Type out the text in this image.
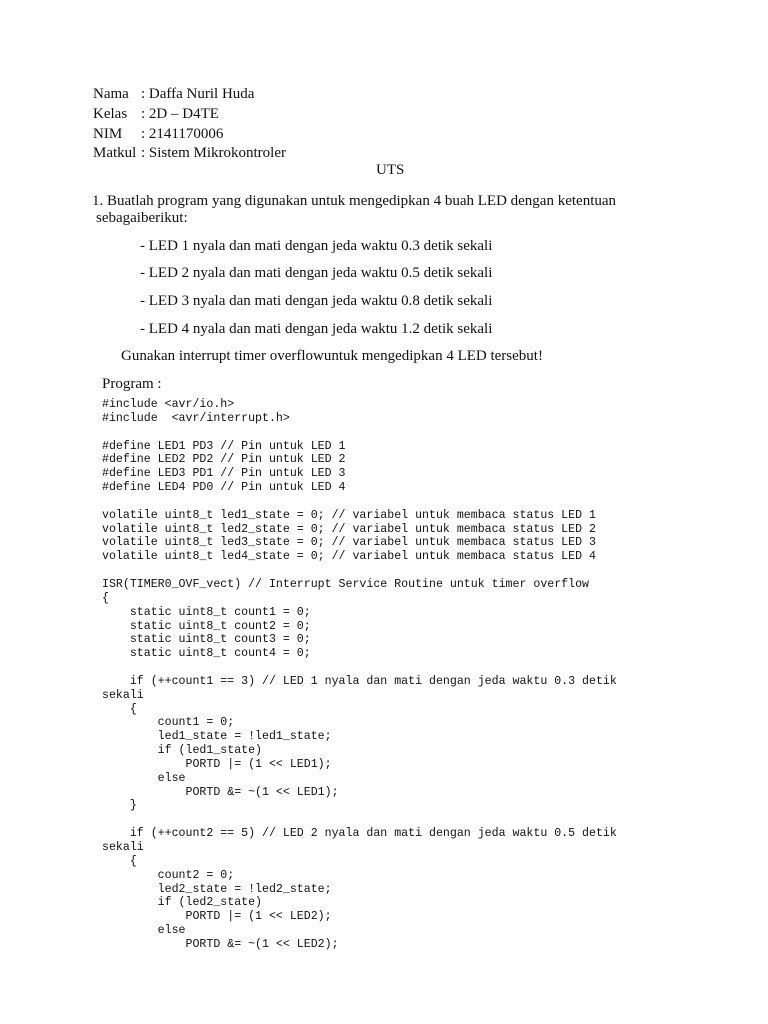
Nama : Daffa Nuril Huda
Kelas : 2D – D4TE
NIM : 2141170006
Matkul : Sistem Mikrokontroler
UTS
1. Buatlah program yang digunakan untuk mengedipkan 4 buah LED dengan ketentuan
sebagaiberikut:
- LED 1 nyala dan mati dengan jeda waktu 0.3 detik sekali
- LED 2 nyala dan mati dengan jeda waktu 0.5 detik sekali
- LED 3 nyala dan mati dengan jeda waktu 0.8 detik sekali
- LED 4 nyala dan mati dengan jeda waktu 1.2 detik sekali
Gunakan interrupt timer overflowuntuk mengedipkan 4 LED tersebut!
Program :
#include <avr/io.h>
#include  <avr/interrupt.h>
#define LED1 PD3 // Pin untuk LED 1
#define LED2 PD2 // Pin untuk LED 2
#define LED3 PD1 // Pin untuk LED 3
#define LED4 PD0 // Pin untuk LED 4
volatile uint8_t led1_state = 0; // variabel untuk membaca status LED 1
volatile uint8_t led2_state = 0; // variabel untuk membaca status LED 2
volatile uint8_t led3_state = 0; // variabel untuk membaca status LED 3
volatile uint8_t led4_state = 0; // variabel untuk membaca status LED 4
ISR(TIMER0_OVF_vect) // Interrupt Service Routine untuk timer overflow
{
static uint8_t count1 = 0;
static uint8_t count2 = 0;
static uint8_t count3 = 0;
static uint8_t count4 = 0;
if (++count1 == 3) // LED 1 nyala dan mati dengan jeda waktu 0.3 detik
sekali
{
count1 = 0;
led1_state = !led1_state;
if (led1_state)
PORTD |= (1 << LED1);
else
PORTD &= ~(1 << LED1);
}
if (++count2 == 5) // LED 2 nyala dan mati dengan jeda waktu 0.5 detik
sekali
{
count2 = 0;
led2_state = !led2_state;
if (led2_state)
PORTD |= (1 << LED2);
else
PORTD &= ~(1 << LED2);
